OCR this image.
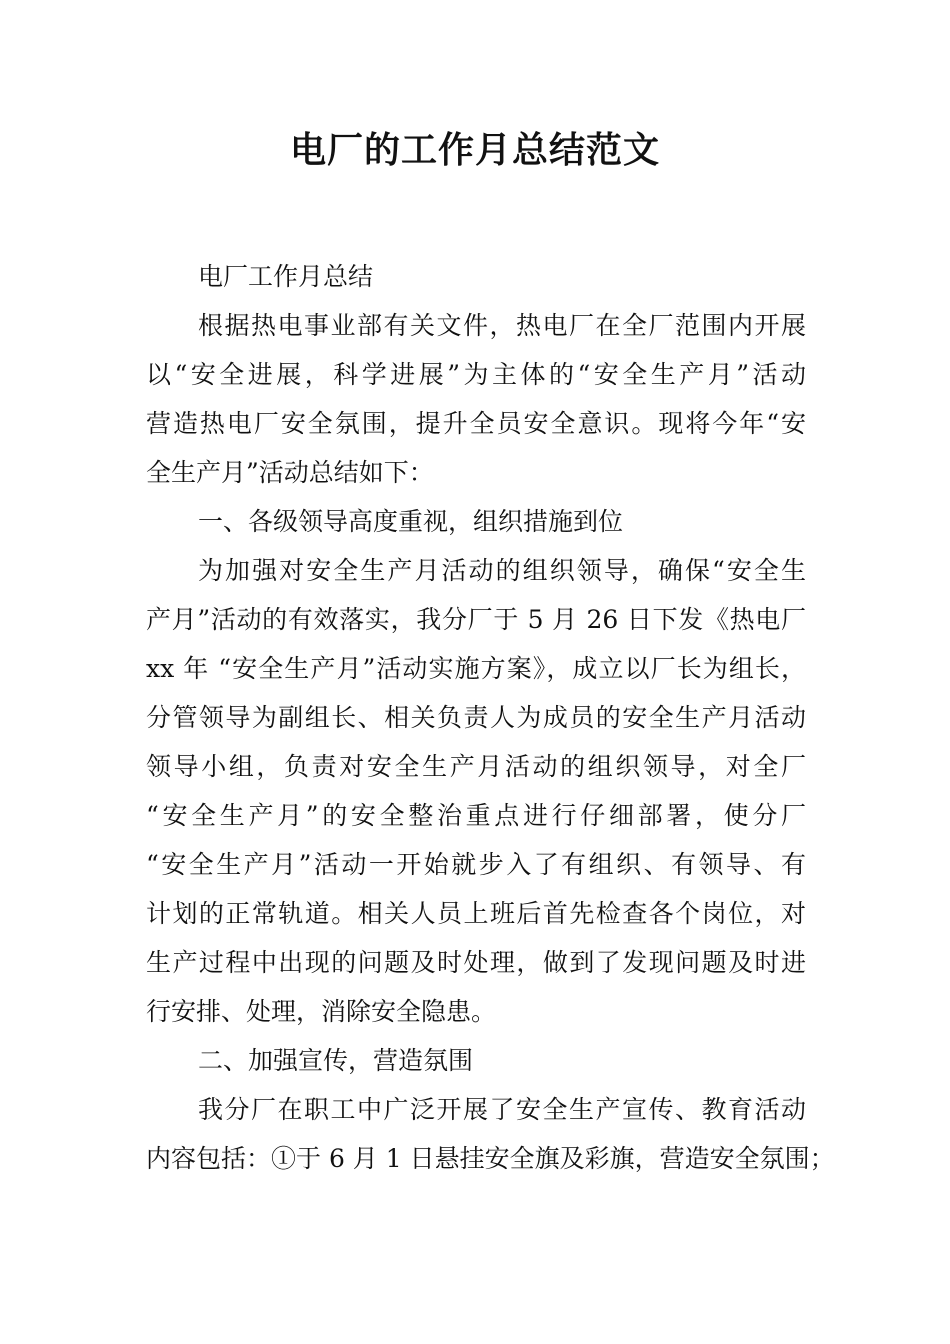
电厂的工作月总结范文
电厂工作月总结
根据热电事业部有关文件，热电厂在全厂范围内开展
以“安全进展，科学进展”为主体的“安全生产月”活动
营造热电厂安全氛围，提升全员安全意识。现将今年“安
全生产月”活动总结如下：
一、各级领导高度重视，组织措施到位
为加强对安全生产月活动的组织领导，确保“安全生
产月”活动的有效落实，我分厂于 5 月 26 日下发《热电厂
xx 年 “安全生产月”活动实施方案》，成立以厂长为组长，
分管领导为副组长、相关负责人为成员的安全生产月活动
领导小组，负责对安全生产月活动的组织领导，对全厂
“安全生产月”的安全整治重点进行仔细部署，使分厂
“安全生产月”活动一开始就步入了有组织、有领导、有
计划的正常轨道。相关人员上班后首先检查各个岗位，对
生产过程中出现的问题及时处理，做到了发现问题及时进
行安排、处理，消除安全隐患。
二、加强宣传，营造氛围
我分厂在职工中广泛开展了安全生产宣传、教育活动
内容包括：①于 6 月 1 日悬挂安全旗及彩旗，营造安全氛围；
